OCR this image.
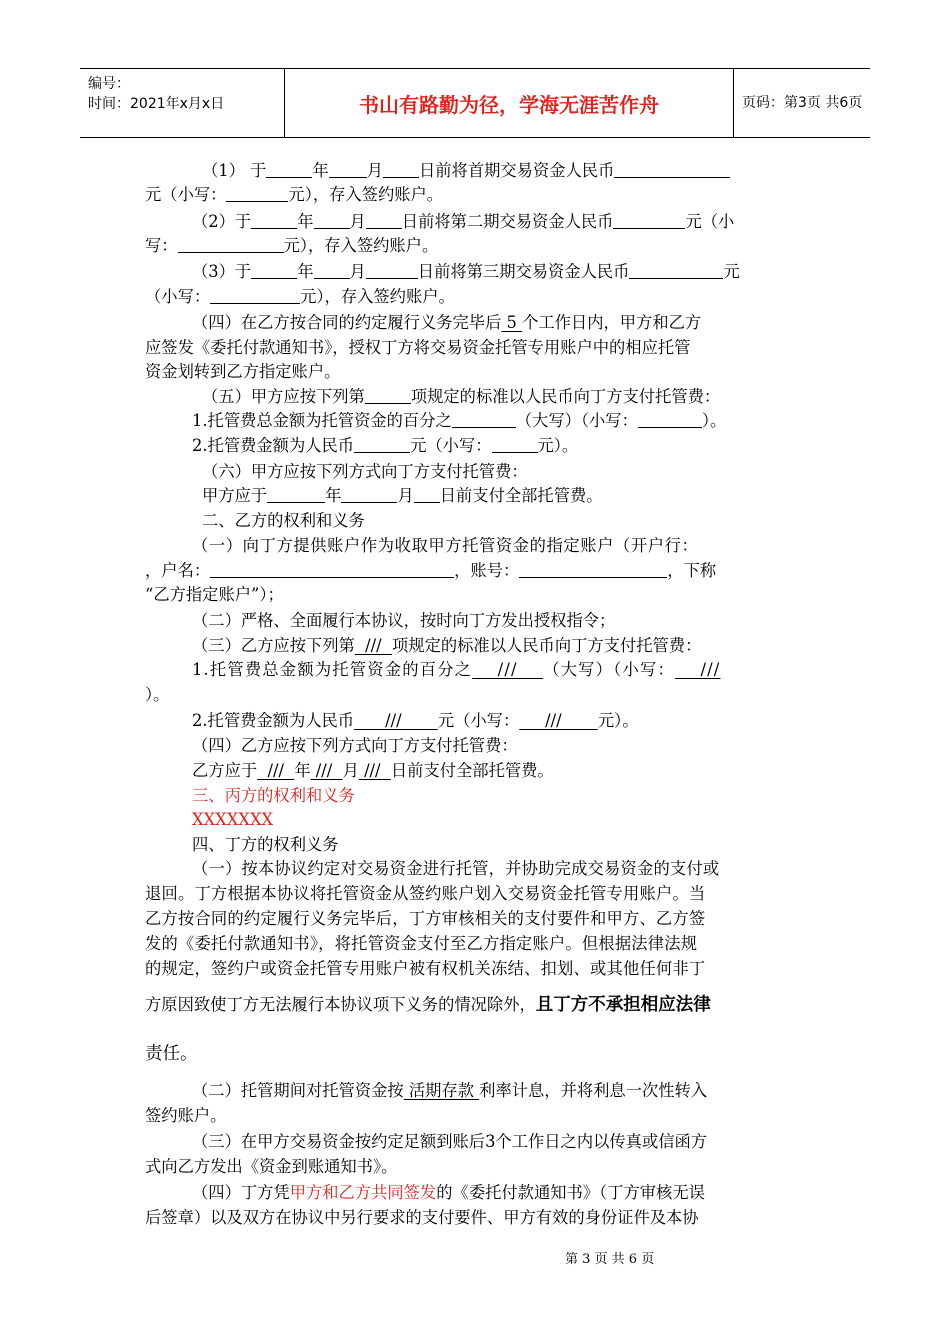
编号：
时间：2021年x月x日	书山有路勤为径，学海无涯苦作舟	页码：第3页 共6页
（1） 于	年 月 日前将首期交易资金人民币
元（小写：	元），存入签约账户。
（2）于	年 月 日前将第二期交易资金人民币	元（小
写：	元），存入签约账户。
（3）于	年 月	日前将第三期交易资金人民币	元
（小写：	元），存入签约账户。
（四）在乙方按合同的约定履行义务完毕后 5 个工作日内，甲方和乙方
应签发《委托付款通知书》，授权丁方将交易资金托管专用账户中的相应托管
资金划转到乙方指定账户。
（五）甲方应按下列第	项规定的标准以人民币向丁方支付托管费：
1.托管费总金额为托管资金的百分之	（大写）（小写：	）。
2.托管费金额为人民币	元（小写：	元）。
（六）甲方应按下列方式向丁方支付托管费：
甲方应于	年	月 日前支付全部托管费。
二、乙方的权利和义务
（一）向丁方提供账户作为收取甲方托管资金的指定账户（开户行：
，户名：	，账号：	，下称
“乙方指定账户”）；
（二）严格、全面履行本协议，按时向丁方发出授权指令；
（三）乙方应按下列第  ///  项规定的标准以人民币向丁方支付托管费：
1.托管费总金额为托管资金的百分之    ///    （大写）（小写：    ///
）。
2.托管费金额为人民币      ///       元（小写：     ///       元）。
（四）乙方应按下列方式向丁方支付托管费：
乙方应于  ///  年 ///  月 ///  日前支付全部托管费。
三、丙方的权利和义务
XXXXXXX
四、丁方的权利义务
（一）按本协议约定对交易资金进行托管，并协助完成交易资金的支付或
退回。丁方根据本协议将托管资金从签约账户划入交易资金托管专用账户。当
乙方按合同的约定履行义务完毕后，丁方审核相关的支付要件和甲方、乙方签
发的《委托付款通知书》，将托管资金支付至乙方指定账户。但根据法律法规
的规定，签约户或资金托管专用账户被有权机关冻结、扣划、或其他任何非丁
方原因致使丁方无法履行本协议项下义务的情况除外，且丁方不承担相应法律
责任。
（二）托管期间对托管资金按 活期存款 利率计息，并将利息一次性转入
签约账户。
（三）在甲方交易资金按约定足额到账后3个工作日之内以传真或信函方
式向乙方发出《资金到账通知书》。
（四）丁方凭甲方和乙方共同签发的《委托付款通知书》（丁方审核无误
后签章）以及双方在协议中另行要求的支付要件、甲方有效的身份证件及本协
第 3 页 共 6 页
